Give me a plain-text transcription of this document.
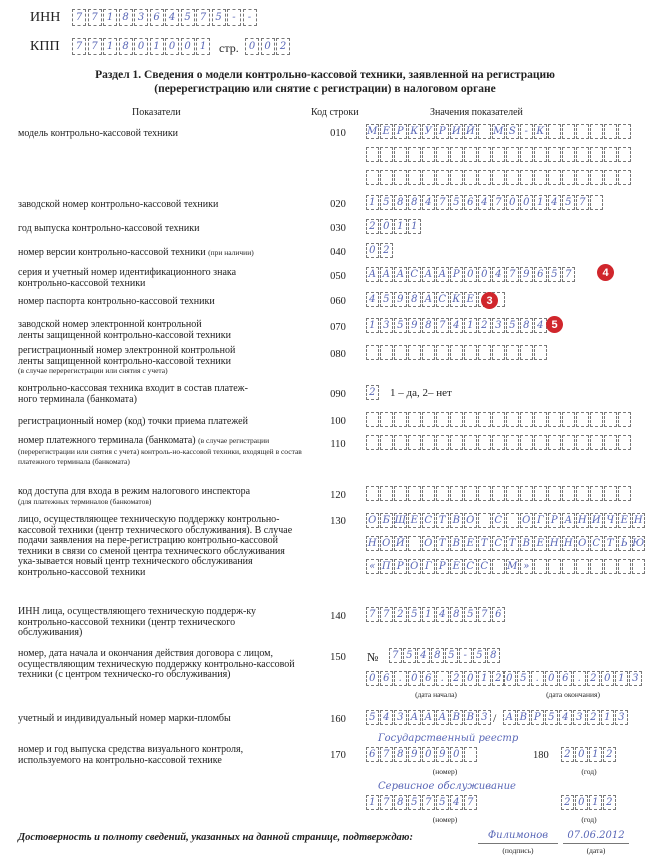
ИНН	7 7 1 8 3 6 4 5 7 5	-	-
КПП	7 7 1 8 0 1 0 0 1	стр.	0 0 2
Раздел 1. Сведения о модели контрольно-кассовой техники, заявленной на регистрацию
(перерегистрацию или снятие с регистрации) в налоговом органе
Показатели	Код строки	Значения показателей
модель контрольно-кассовой техники	010	М Е Р К У Р И Й М S - К
заводской номер контрольно-кассовой техники	020	1 5 8 8 4 7 5 6 4 7 0 0 1 4 5 7
год выпуска контрольно-кассовой техники	030	2 0 1 1
номер версии контрольно-кассовой техники (при наличии)	040	0 2
серия и учетный номер идентификационного знака
контрольно-кассовой техники
050	А А А С А А Р 0 0 4 7 9 6 5 7	4
номер паспорта контрольно-кассовой техники	060	4 5 9 8 А С К Е	3
заводской номер электронной контрольной
ленты защищенной контрольно-кассовой техники
070	1 3 5 9 8 7 4 1 2 3 5 8 4 5
регистрационный номер электронной контрольной
ленты защищенной контрольно-кассовой техники
(в случае перерегистрации или снятия с учета)
080
контрольно-кассовая техника входит в состав платеж-
ного терминала (банкомата)	090	2 1 – да, 2– нет
регистрационный номер (код) точки приема платежей	100
номер платежного терминала (банкомата) (в случае регистрации (перерегистрации или снятия с учета) контроль-но-кассовой техники, входящей в состав платежного терминала (банкомата)
110
код доступа для входа в режим налогового инспектора
(для платежных терминалов (банкоматов)	120
лицо, осуществляющее техническую поддержку контрольно-кассовой техники (центр технического обслуживания). В случае подачи заявления на пере-регистрацию контрольно-кассовой техники в связи со сменой центра технического обслуживания ука-зывается новый центр технического обслуживания контрольно-кассовой техники
130	О Б Щ Е С Т В О С О Г Р А Н И Ч Е Н
Н О Й О Т В Е Т С Т В Е Н Н О С Т Ь Ю
« П Р О Г Р Е С С М »
ИНН лица, осуществляющего техническую поддерж-ку контрольно-кассовой техники (центр технического обслуживания)
140	7 7 2 5 1 4 8 5 7 6
номер, дата начала и окончания действия договора с лицом, осуществляющим техническую поддержку контрольно-кассовой техники (с центром техническо-го обслуживания)
150	№	7 5 4 8 5 - 5 8
0 6 . 0 6 . 2 0 1 2
(дата начала)
0 5 . 0 6 . 2 0 1 3
(дата окончания)
учетный и индивидуальный номер марки-пломбы	160	5 4 3 А А А В В 3 / А В Р 5 4 3 2 1 3
номер и год выпуска средства визуального контроля, используемого на контрольно-кассовой технике	170
Государственный реестр
6 7 8 9 0 9 0	180	2 0 1 2
(номер)	(год)
Сервисное обслуживание
1 7 8 5 7 5 4 7	2 0 1 2
(номер)	(год)
Достоверность и полноту сведений, указанных на данной странице, подтверждаю:	Филимонов
(подпись)
07.06.2012
(дата)
